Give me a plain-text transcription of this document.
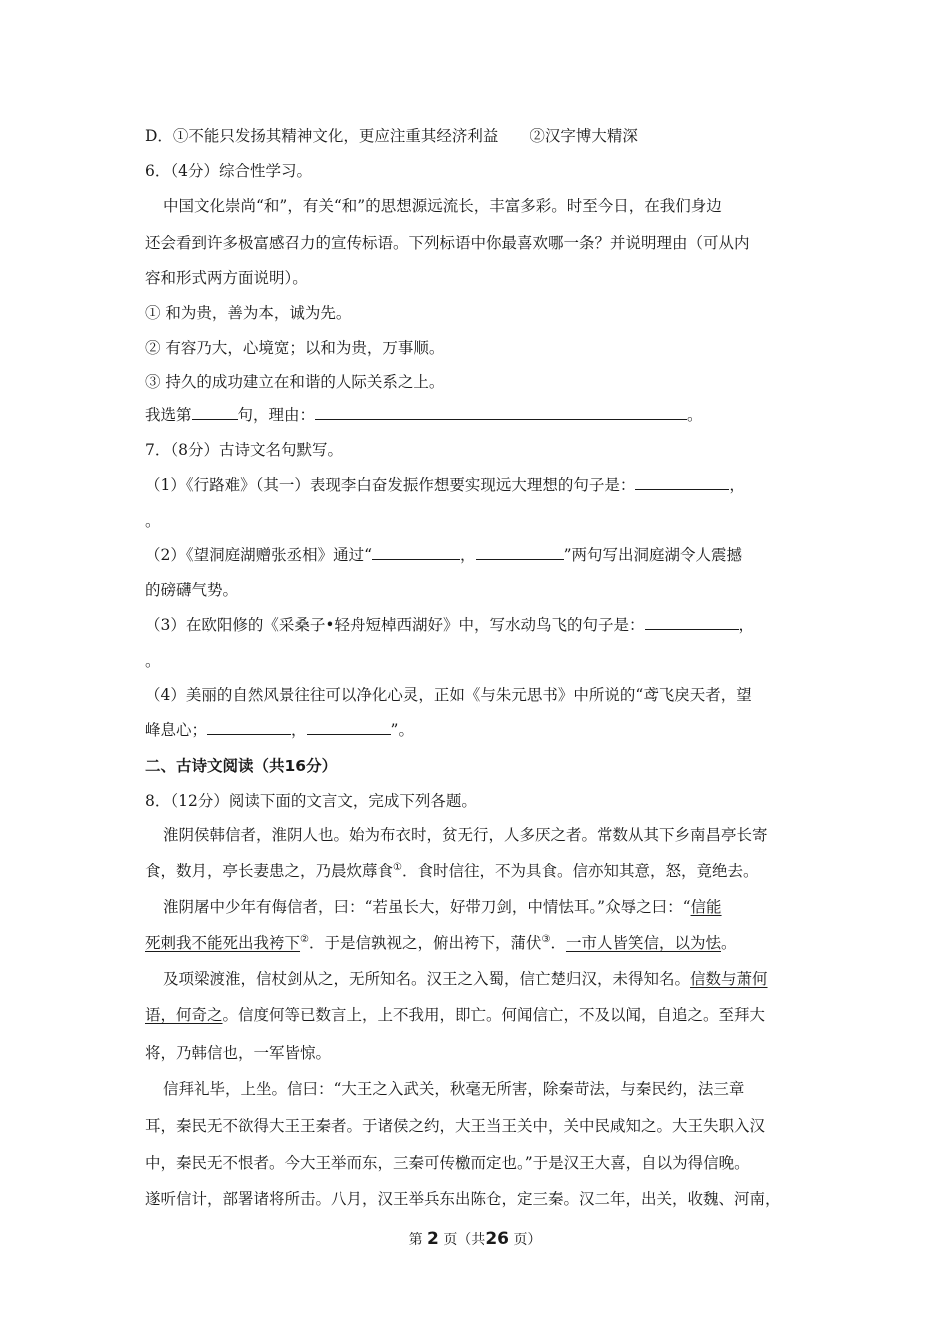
D．①不能只发扬其精神文化，更应注重其经济利益　　②汉字博大精深
6．（4分）综合性学习。
中国文化崇尚“和”，有关“和”的思想源远流长，丰富多彩。时至今日，在我们身边
还会看到许多极富感召力的宣传标语。下列标语中你最喜欢哪一条？并说明理由（可从内
容和形式两方面说明）。
① 和为贵，善为本，诚为先。
② 有容乃大，心境宽；以和为贵，万事顺。
③ 持久的成功建立在和谐的人际关系之上。
我选第	句，理由：	。
7．（8分）古诗文名句默写。
（1）《行路难》（其一）表现李白奋发振作想要实现远大理想的句子是：	，
。
（2）《望洞庭湖赠张丞相》通过“	，	”两句写出洞庭湖令人震撼
的磅礴气势。
（3）在欧阳修的《采桑子•轻舟短棹西湖好》中，写水动鸟飞的句子是：	，
。
（4）美丽的自然风景往往可以净化心灵，正如《与朱元思书》中所说的“鸢飞戾天者，望
峰息心；	，	”。
二、古诗文阅读（共16分）
8．（12分）阅读下面的文言文，完成下列各题。
淮阴侯韩信者，淮阴人也。始为布衣时，贫无行，人多厌之者。常数从其下乡南昌亭长寄
食，数月，亭长妻患之，乃晨炊蓐食①．食时信往，不为具食。信亦知其意，怒，竟绝去。
淮阴屠中少年有侮信者，曰：“若虽长大，好带刀剑，中情怯耳。”众辱之曰：“信能
死刺我不能死出我袴下②．于是信孰视之，俯出袴下，蒲伏③．一市人皆笑信，以为怯。
及项梁渡淮，信杖剑从之，无所知名。汉王之入蜀，信亡楚归汉，未得知名。信数与萧何
语，何奇之。信度何等已数言上，上不我用，即亡。何闻信亡，不及以闻，自追之。至拜大
将，乃韩信也，一军皆惊。
信拜礼毕，上坐。信曰：“大王之入武关，秋毫无所害，除秦苛法，与秦民约，法三章
耳，秦民无不欲得大王王秦者。于诸侯之约，大王当王关中，关中民咸知之。大王失职入汉
中，秦民无不恨者。今大王举而东，三秦可传檄而定也。”于是汉王大喜，自以为得信晚。
遂听信计，部署诸将所击。八月，汉王举兵东出陈仓，定三秦。汉二年，出关，收魏、河南，
第 2 页（共26 页）
